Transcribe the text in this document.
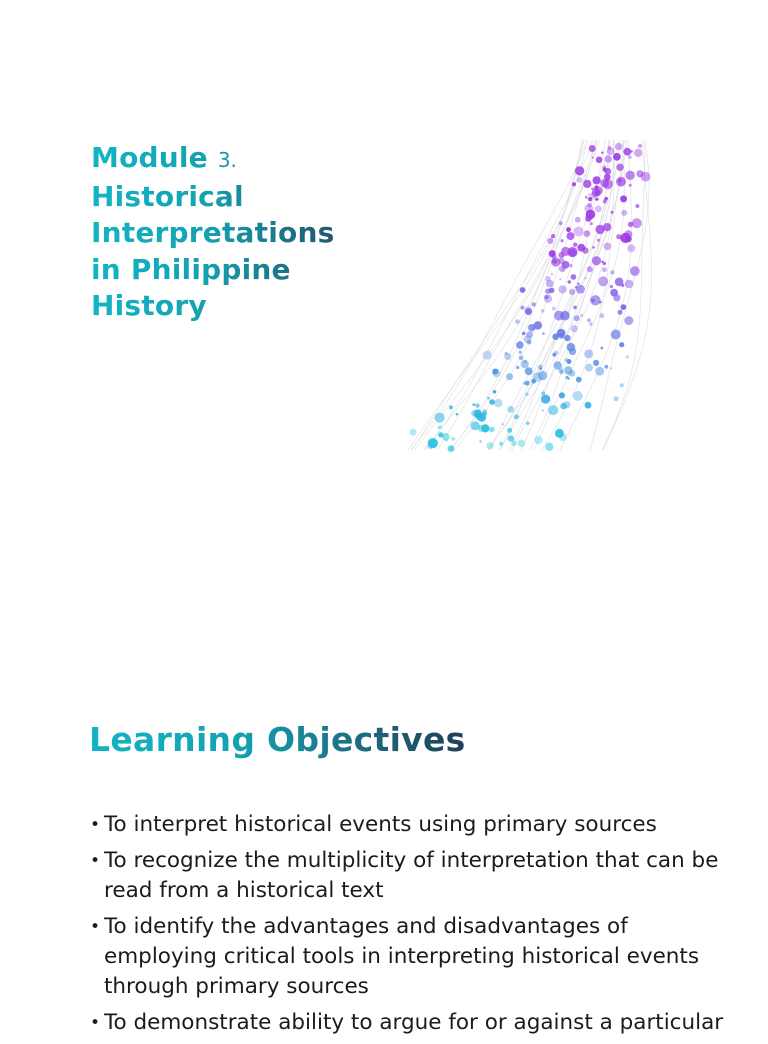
Module 3.
Historical
Interpretations
in Philippine
History
Learning Objectives
• To interpret historical events using primary sources
• To recognize the multiplicity of interpretation that can be read from a historical text
• To identify the advantages and disadvantages of employing critical tools in interpreting historical events through primary sources
• To demonstrate ability to argue for or against a particular
